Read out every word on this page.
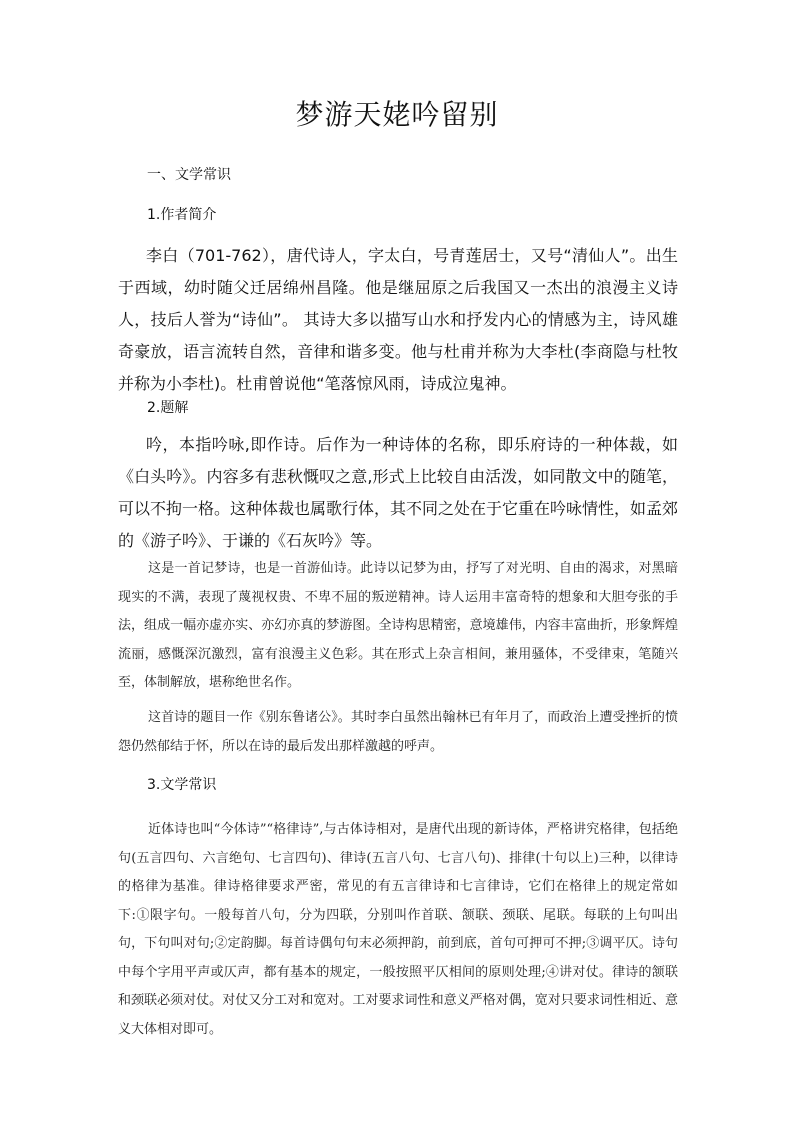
梦游天姥吟留别
一、文学常识
1.作者简介
李白（701-762），唐代诗人，字太白，号青莲居士，又号“清仙人”。出生于西域，幼时随父迁居绵州昌隆。他是继屈原之后我国又一杰出的浪漫主义诗人，技后人誉为“诗仙”。 其诗大多以描写山水和抒发内心的情感为主，诗风雄奇豪放，语言流转自然，音律和谐多变。他与杜甫并称为大李杜(李商隐与杜牧并称为小李杜)。杜甫曾说他“笔落惊风雨，诗成泣鬼神。
2.题解
吟，本指吟咏,即作诗。后作为一种诗体的名称，即乐府诗的一种体裁，如《白头吟》。内容多有悲秋慨叹之意,形式上比较自由活泼，如同散文中的随笔，可以不拘一格。这种体裁也属歌行体，其不同之处在于它重在吟咏情性，如孟郊的《游子吟》、于谦的《石灰吟》等。
这是一首记梦诗，也是一首游仙诗。此诗以记梦为由，抒写了对光明、自由的渴求，对黑暗现实的不满，表现了蔑视权贵、不卑不屈的叛逆精神。诗人运用丰富奇特的想象和大胆夸张的手法，组成一幅亦虚亦实、亦幻亦真的梦游图。全诗构思精密，意境雄伟，内容丰富曲折，形象辉煌流丽，感慨深沉激烈，富有浪漫主义色彩。其在形式上杂言相间，兼用骚体，不受律束，笔随兴至，体制解放，堪称绝世名作。
这首诗的题目一作《别东鲁诸公》。其时李白虽然出翰林已有年月了，而政治上遭受挫折的愤怨仍然郁结于怀，所以在诗的最后发出那样激越的呼声。
3.文学常识
近体诗也叫“今体诗”“格律诗”,与古体诗相对，是唐代出现的新诗体，严格讲究格律，包括绝句(五言四句、六言绝句、七言四句)、律诗(五言八句、七言八句)、排律(十句以上)三种，以律诗的格律为基准。律诗格律要求严密，常见的有五言律诗和七言律诗，它们在格律上的规定常如下:①限字句。一般每首八句，分为四联，分别叫作首联、颔联、颈联、尾联。每联的上句叫出句，下句叫对句;②定韵脚。每首诗偶句句末必须押韵，前到底，首句可押可不押;③调平仄。诗句中每个字用平声或仄声，都有基本的规定，一般按照平仄相间的原则处理;④讲对仗。律诗的颔联和颈联必须对仗。对仗又分工对和宽对。工对要求词性和意义严格对偶，宽对只要求词性相近、意义大体相对即可。
